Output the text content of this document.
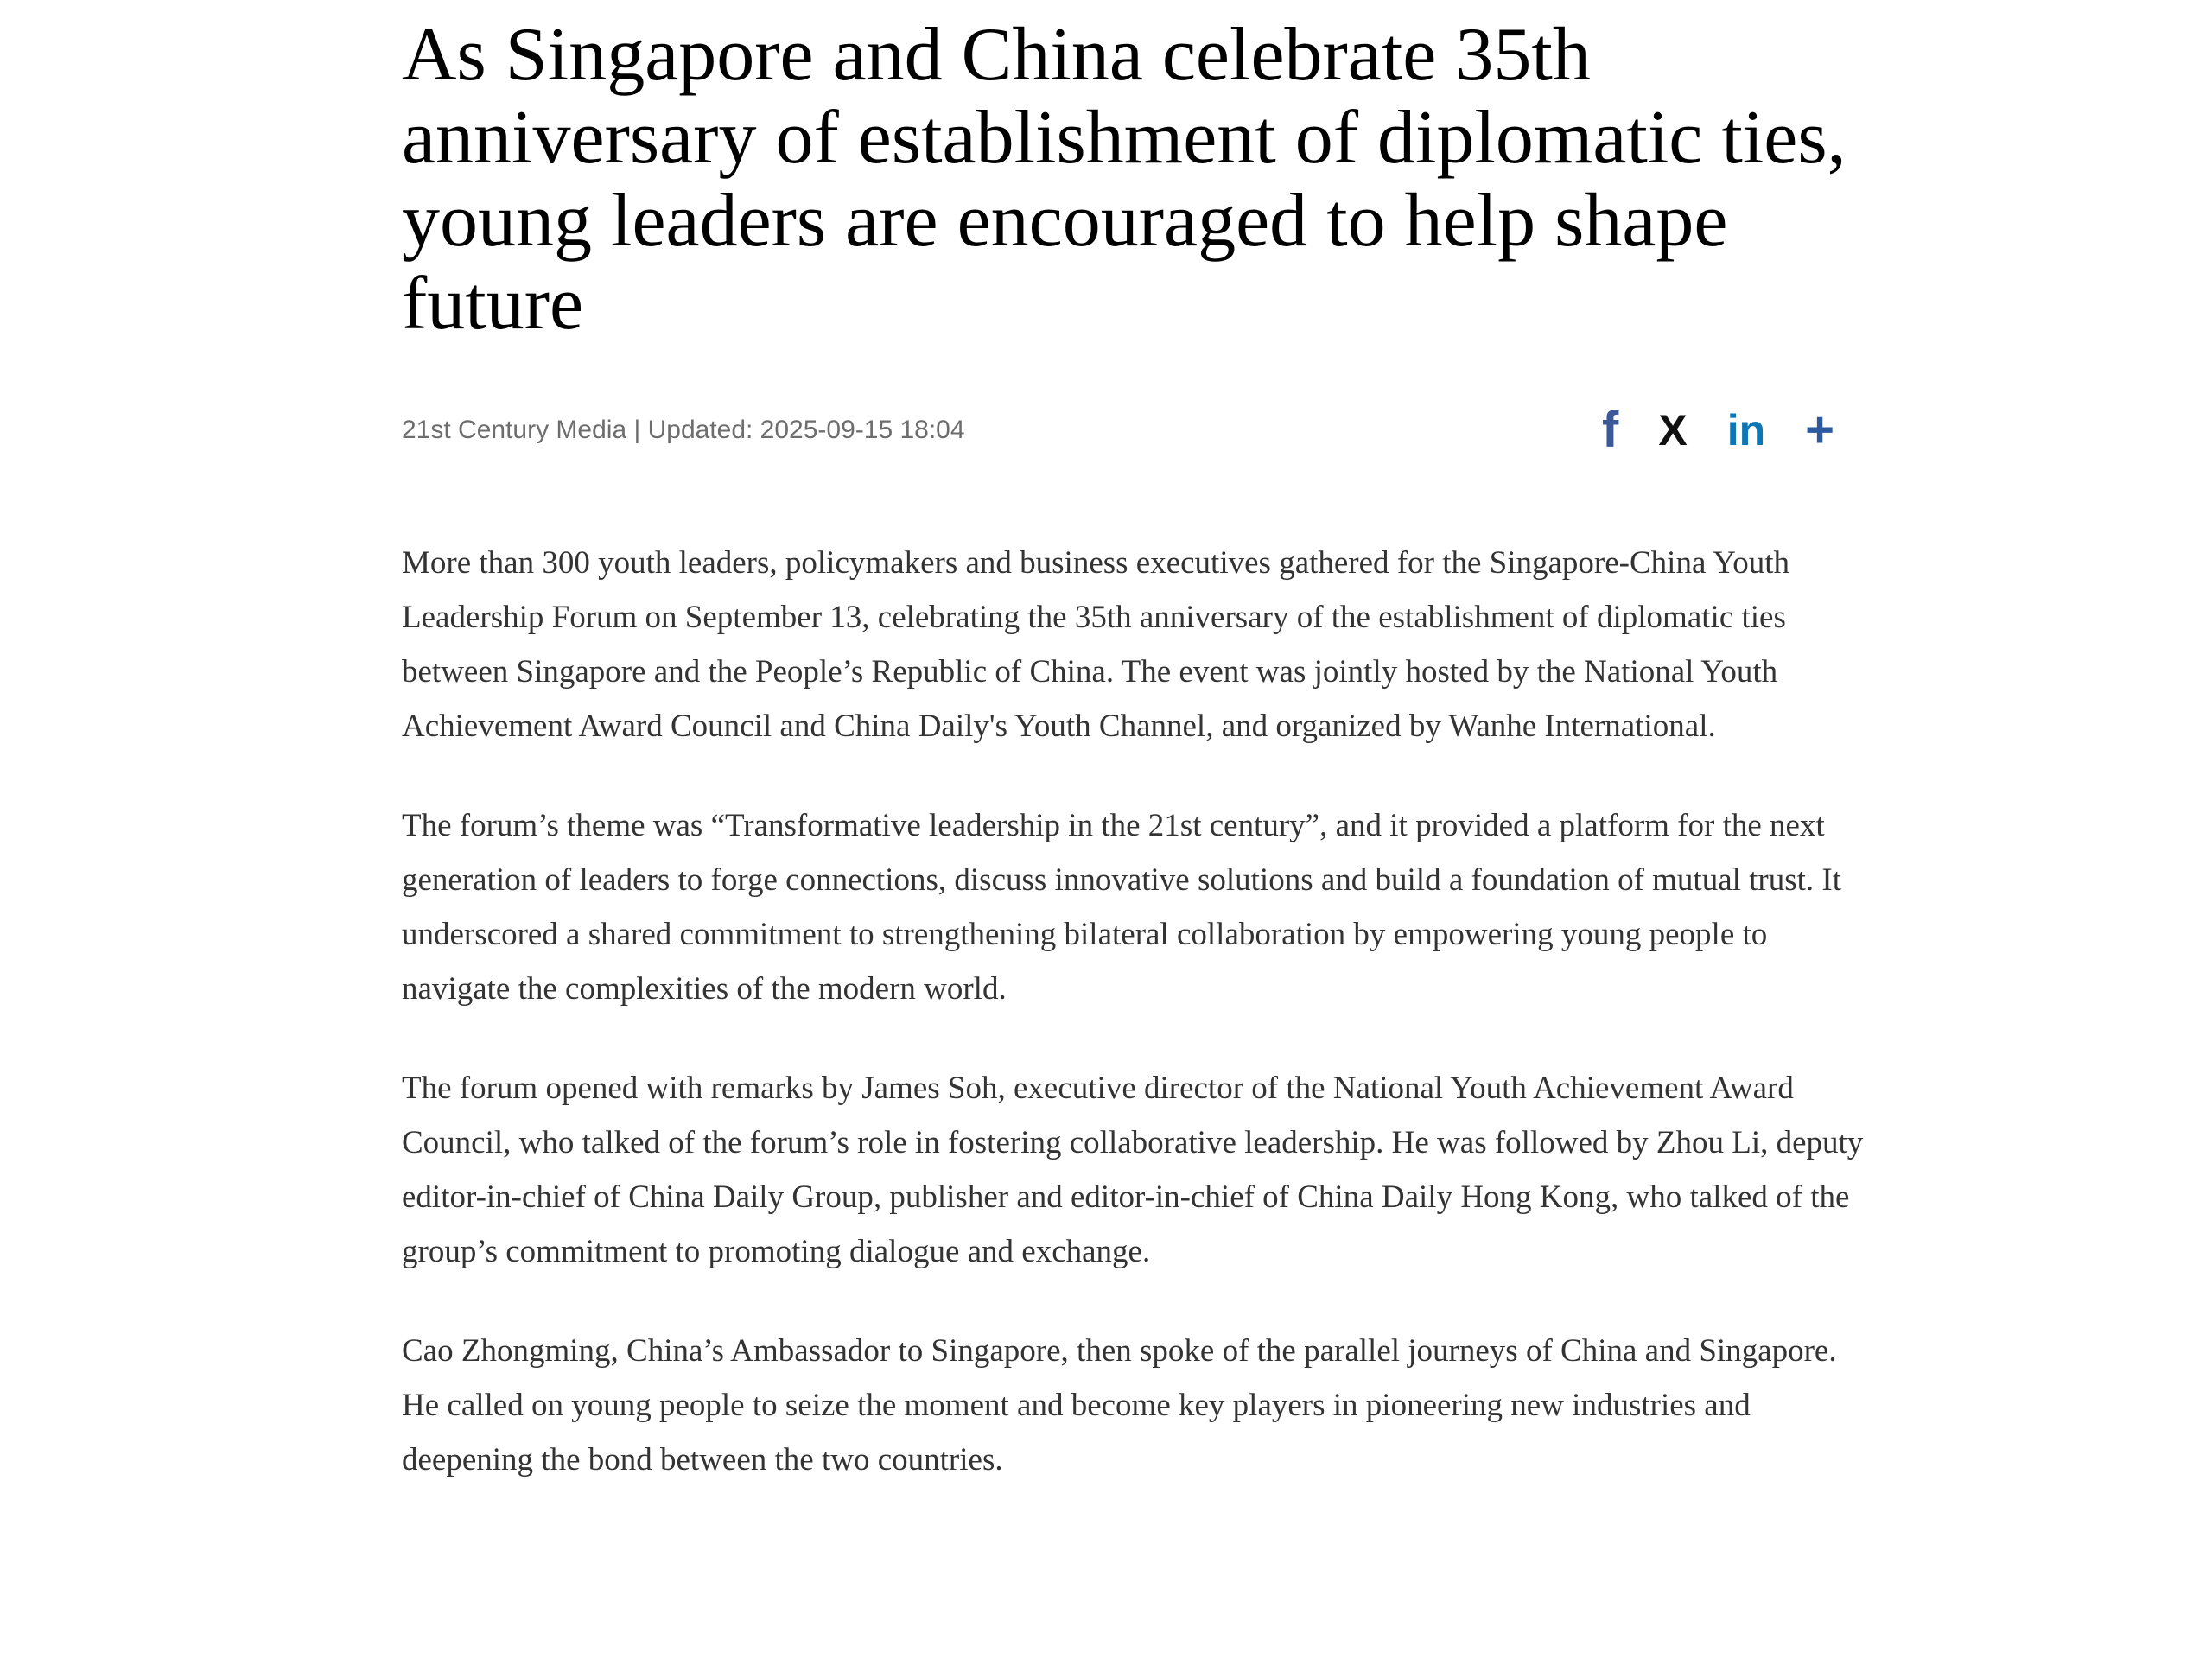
As Singapore and China celebrate 35th anniversary of establishment of diplomatic ties, young leaders are encouraged to help shape future
21st Century Media | Updated: 2025-09-15 18:04	f X in +

More than 300 youth leaders, policymakers and business executives gathered for the Singapore-China Youth Leadership Forum on September 13, celebrating the 35th anniversary of the establishment of diplomatic ties between Singapore and the People’s Republic of China. The event was jointly hosted by the National Youth Achievement Award Council and China Daily's Youth Channel, and organized by Wanhe International.

The forum’s theme was “Transformative leadership in the 21st century”, and it provided a platform for the next generation of leaders to forge connections, discuss innovative solutions and build a foundation of mutual trust. It underscored a shared commitment to strengthening bilateral collaboration by empowering young people to navigate the complexities of the modern world.

The forum opened with remarks by James Soh, executive director of the National Youth Achievement Award Council, who talked of the forum’s role in fostering collaborative leadership. He was followed by Zhou Li, deputy editor-in-chief of China Daily Group, publisher and editor-in-chief of China Daily Hong Kong, who talked of the group’s commitment to promoting dialogue and exchange.

Cao Zhongming, China’s Ambassador to Singapore, then spoke of the parallel journeys of China and Singapore. He called on young people to seize the moment and become key players in pioneering new industries and deepening the bond between the two countries.
